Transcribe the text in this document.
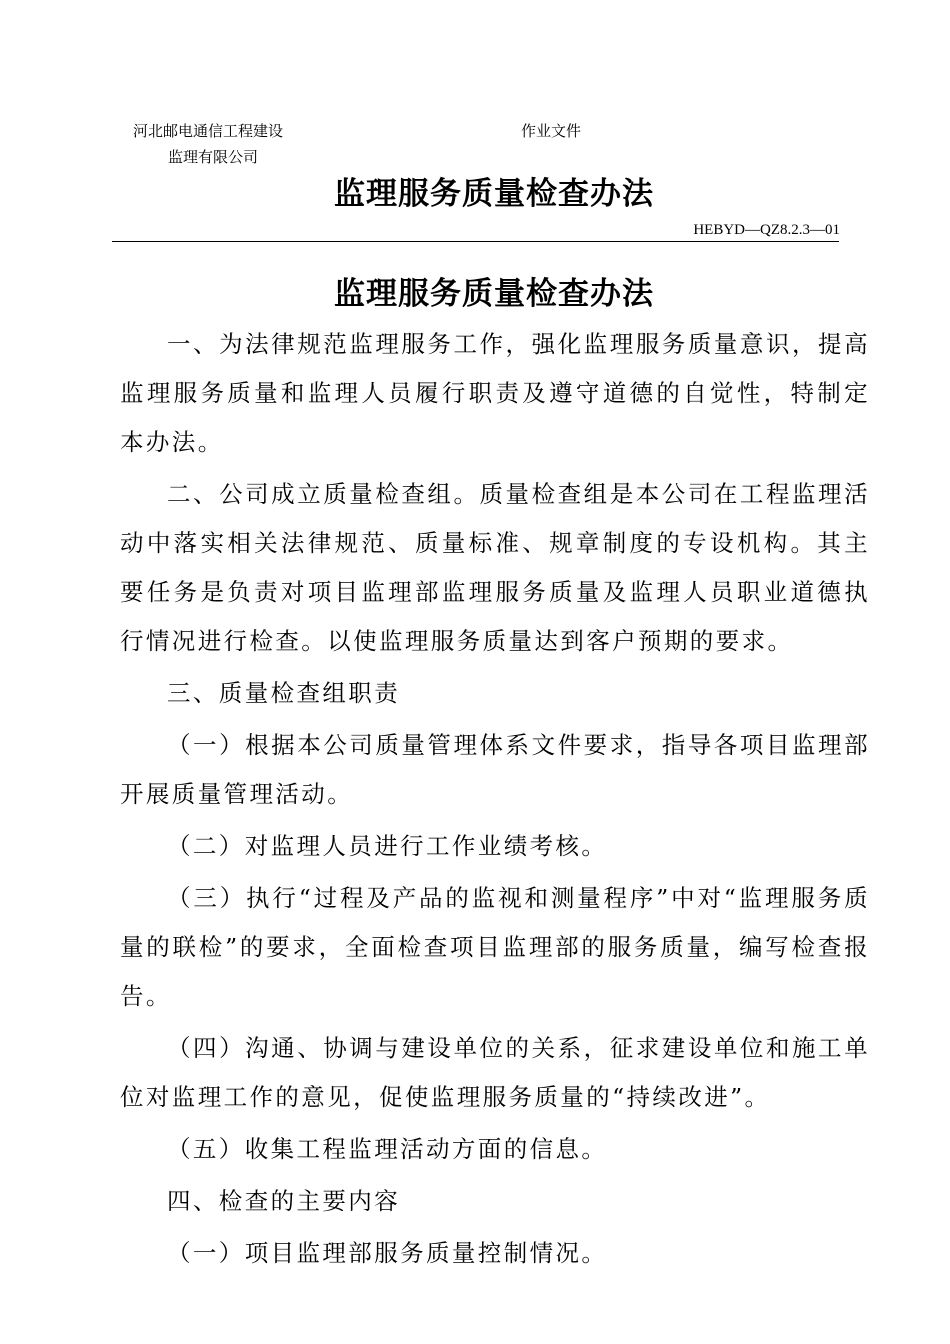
河北邮电通信工程建设
监理有限公司
作业文件
监理服务质量检查办法
HEBYD—QZ8.2.3—01
监理服务质量检查办法

一、为法律规范监理服务工作，强化监理服务质量意识，提高监理服务质量和监理人员履行职责及遵守道德的自觉性，特制定本办法。

二、公司成立质量检查组。质量检查组是本公司在工程监理活动中落实相关法律规范、质量标准、规章制度的专设机构。其主要任务是负责对项目监理部监理服务质量及监理人员职业道德执行情况进行检查。以使监理服务质量达到客户预期的要求。

三、质量检查组职责

（一）根据本公司质量管理体系文件要求，指导各项目监理部开展质量管理活动。

（二）对监理人员进行工作业绩考核。

（三）执行“过程及产品的监视和测量程序”中对“监理服务质量的联检”的要求，全面检查项目监理部的服务质量，编写检查报告。

（四）沟通、协调与建设单位的关系，征求建设单位和施工单位对监理工作的意见，促使监理服务质量的“持续改进”。

（五）收集工程监理活动方面的信息。

四、检查的主要内容

（一）项目监理部服务质量控制情况。
